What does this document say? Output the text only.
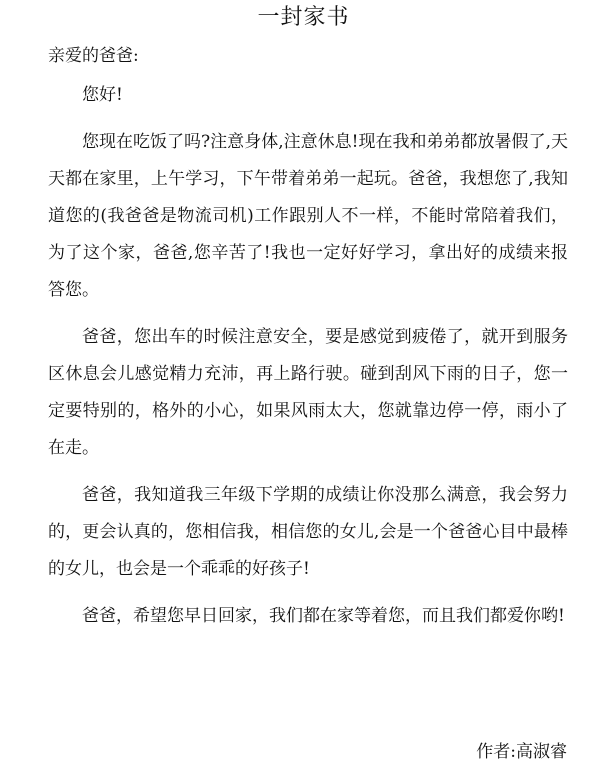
一封家书
亲爱的爸爸:

您好!

您现在吃饭了吗?注意身体,注意休息!现在我和弟弟都放暑假了,天天都在家里，上午学习，下午带着弟弟一起玩。爸爸，我想您了,我知道您的(我爸爸是物流司机)工作跟别人不一样，不能时常陪着我们，为了这个家，爸爸,您辛苦了!我也一定好好学习，拿出好的成绩来报答您。

爸爸，您出车的时候注意安全，要是感觉到疲倦了，就开到服务区休息会儿感觉精力充沛，再上路行驶。碰到刮风下雨的日子，您一定要特别的，格外的小心，如果风雨太大，您就靠边停一停，雨小了在走。

爸爸，我知道我三年级下学期的成绩让你没那么满意，我会努力的，更会认真的，您相信我，相信您的女儿,会是一个爸爸心目中最棒的女儿，也会是一个乖乖的好孩子!

爸爸，希望您早日回家，我们都在家等着您，而且我们都爱你哟!

作者:高淑睿
